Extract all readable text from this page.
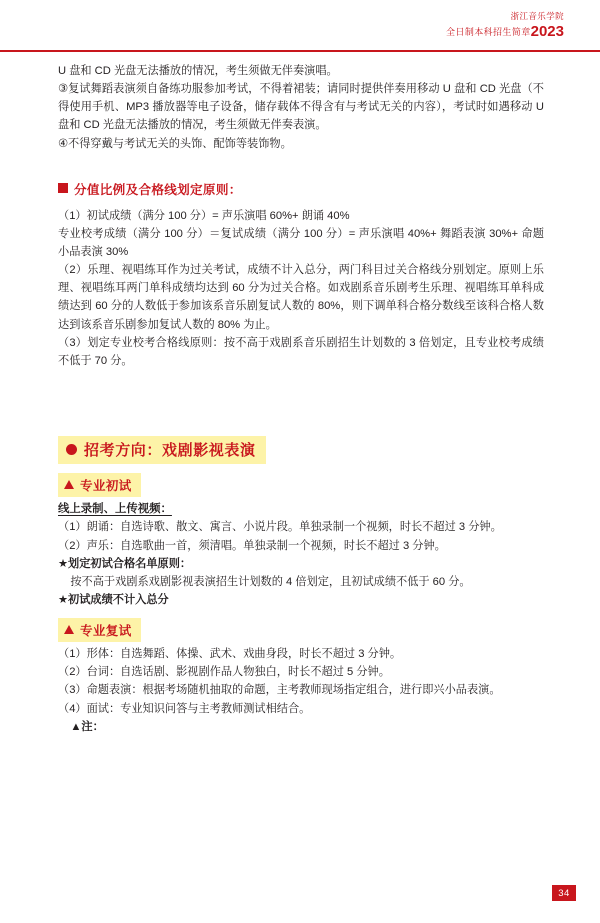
浙江音乐学院
全日制本科招生简章2023

U 盘和 CD 光盘无法播放的情况，考生须做无伴奏演唱。

③复试舞蹈表演须自备练功服参加考试，不得着裙装；请同时提供伴奏用移动 U 盘和 CD 光盘（不得使用手机、MP3 播放器等电子设备，储存载体不得含有与考试无关的内容），考试时如遇移动 U 盘和 CD 光盘无法播放的情况，考生须做无伴奏表演。

④不得穿戴与考试无关的头饰、配饰等装饰物。

分值比例及合格线划定原则：

（1）初试成绩（满分 100 分）= 声乐演唱 60%+ 朗诵 40%

专业校考成绩（满分 100 分）＝复试成绩（满分 100 分）= 声乐演唱 40%+ 舞蹈表演 30%+ 命题小品表演 30%

（2）乐理、视唱练耳作为过关考试，成绩不计入总分，两门科目过关合格线分别划定。原则上乐理、视唱练耳两门单科成绩均达到 60 分为过关合格。如戏剧系音乐剧考生乐理、视唱练耳单科成绩达到 60 分的人数低于参加该系音乐剧复试人数的 80%，则下调单科合格分数线至该科合格人数达到该系音乐剧参加复试人数的 80% 为止。

（3）划定专业校考合格线原则：按不高于戏剧系音乐剧招生计划数的 3 倍划定，且专业校考成绩不低于 70 分。

招考方向：戏剧影视表演
专业初试

线上录制、上传视频：

（1）朗诵：自选诗歌、散文、寓言、小说片段。单独录制一个视频，时长不超过 3 分钟。

（2）声乐：自选歌曲一首，须清唱。单独录制一个视频，时长不超过 3 分钟。

★划定初试合格名单原则：

按不高于戏剧系戏剧影视表演招生计划数的 4 倍划定，且初试成绩不低于 60 分。

★初试成绩不计入总分

专业复试

（1）形体：自选舞蹈、体操、武术、戏曲身段，时长不超过 3 分钟。

（2）台词：自选话剧、影视剧作品人物独白，时长不超过 5 分钟。

（3）命题表演：根据考场随机抽取的命题，主考教师现场指定组合，进行即兴小品表演。

（4）面试：专业知识问答与主考教师测试相结合。

▲注：

34
